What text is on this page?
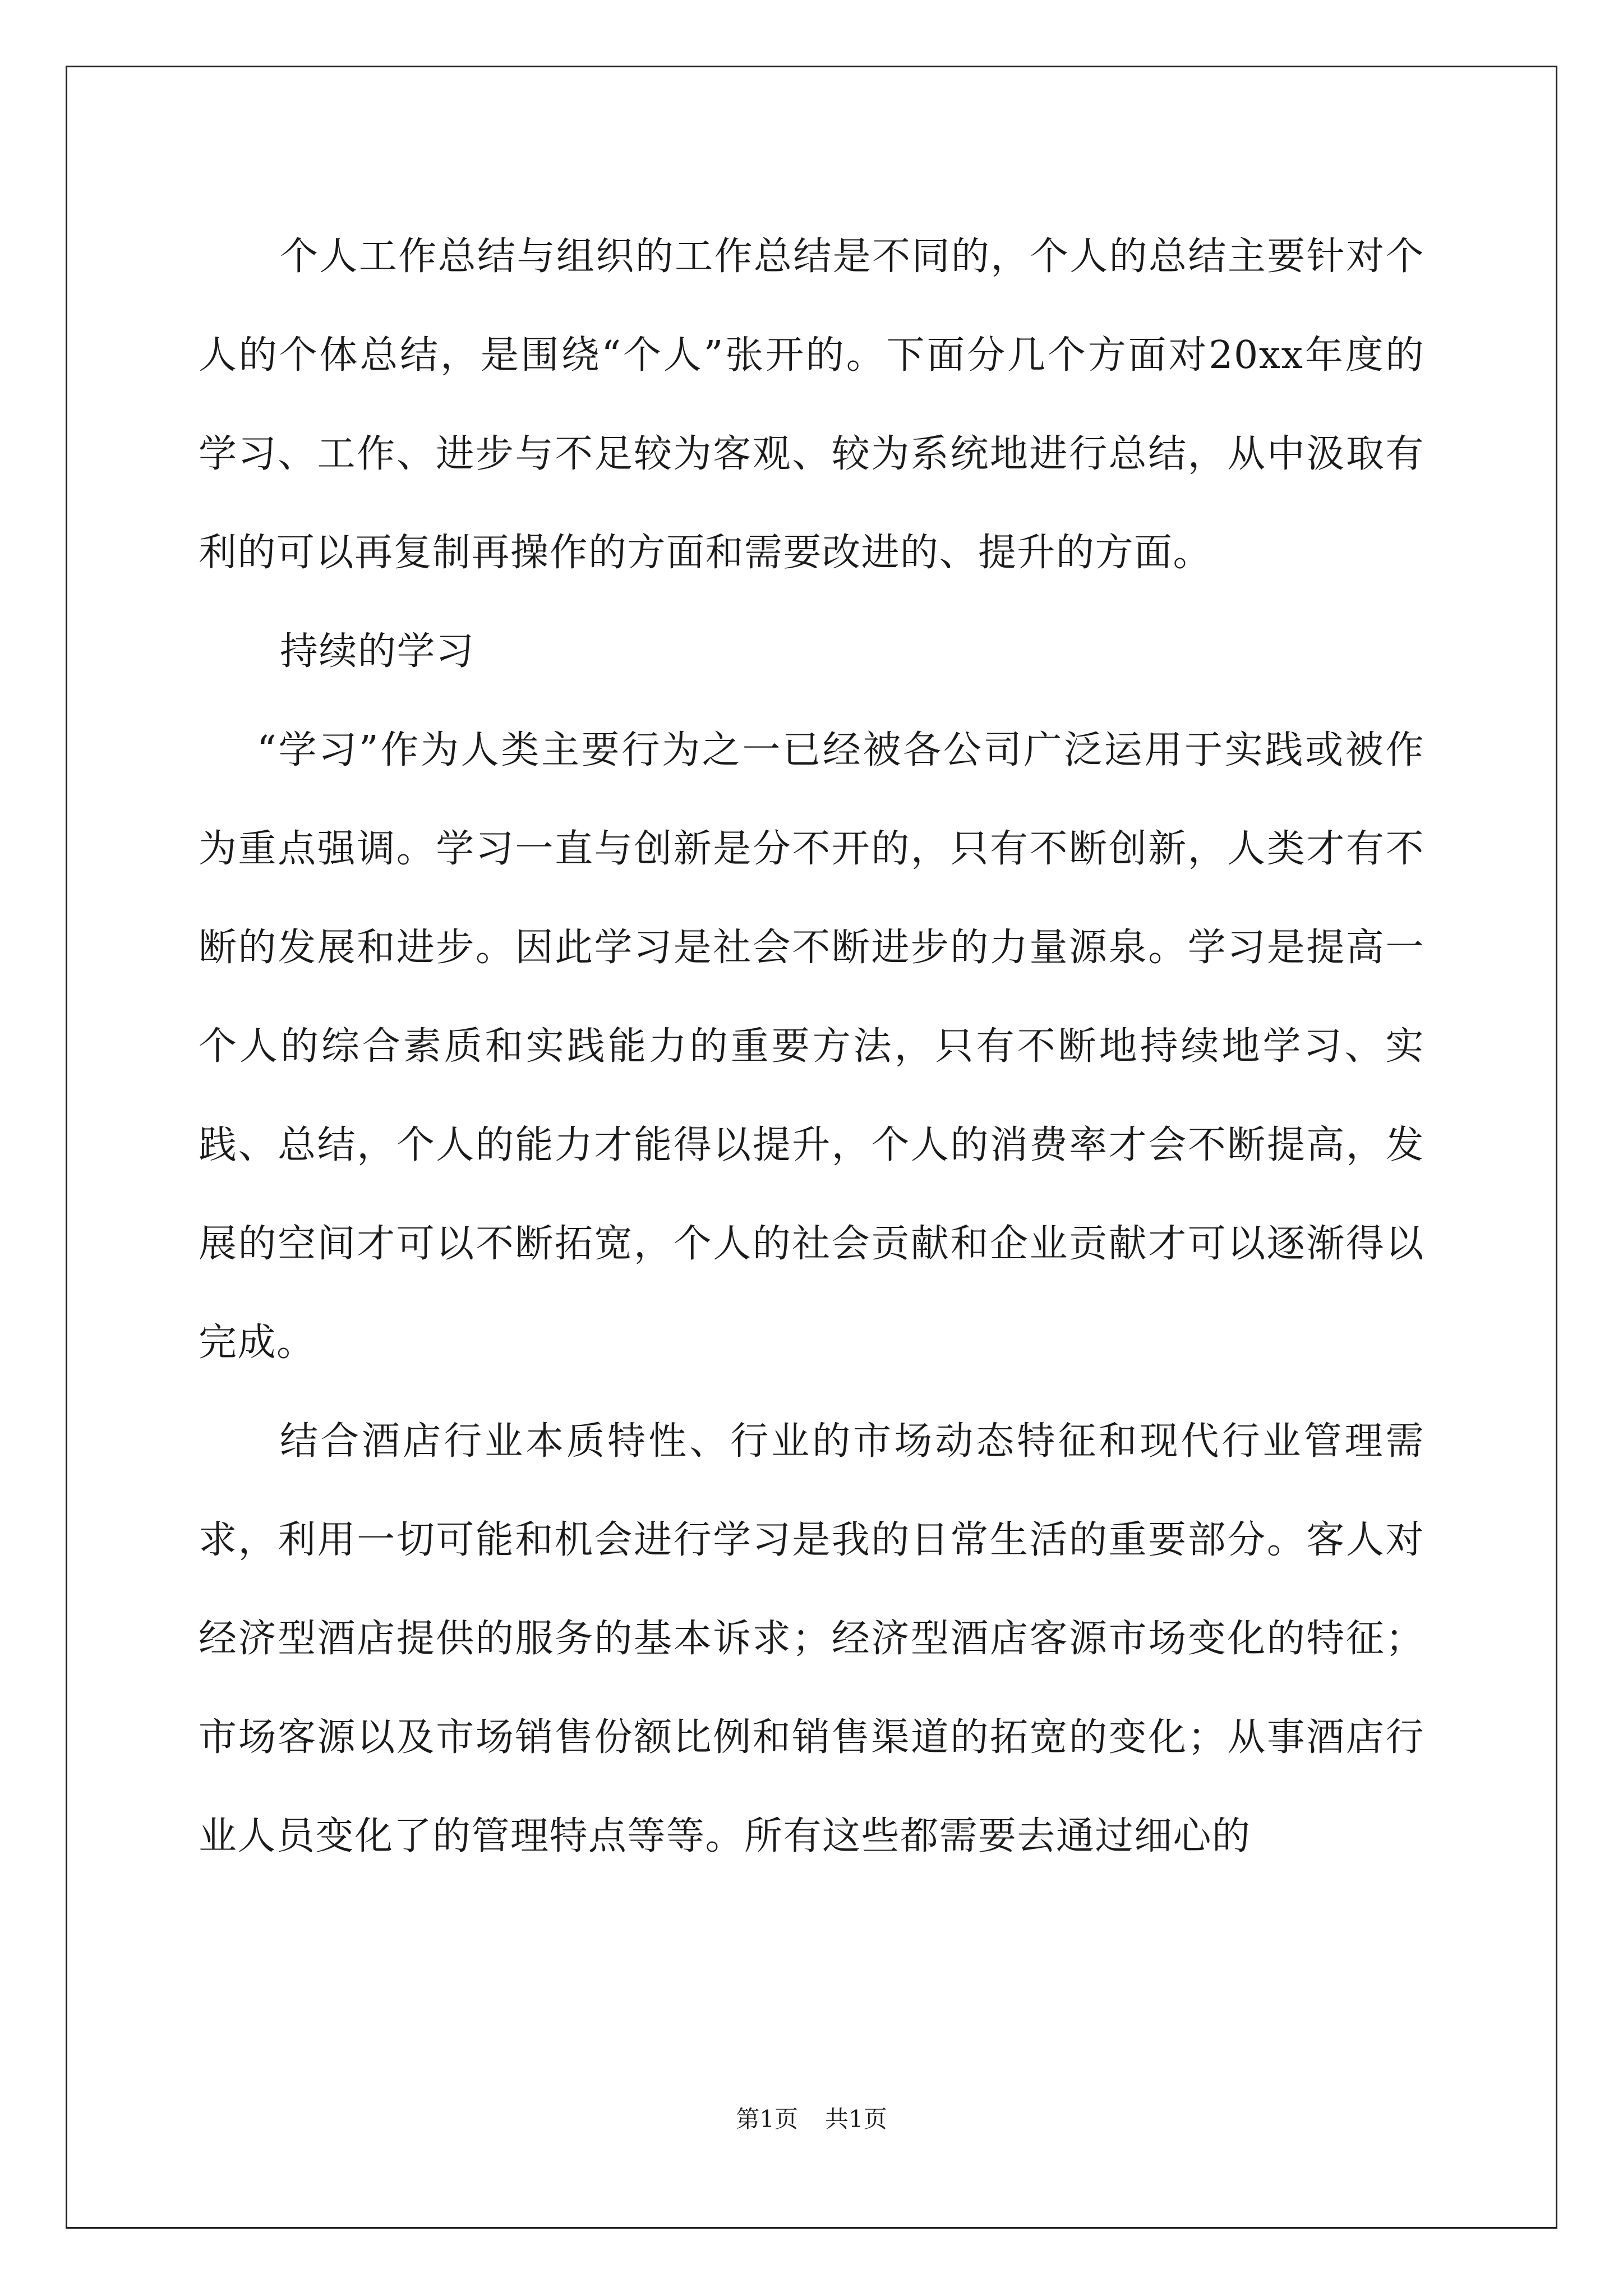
个人工作总结与组织的工作总结是不同的，个人的总结主要针对个人的个体总结，是围绕“个人”张开的。下面分几个方面对20xx年度的学习、工作、进步与不足较为客观、较为系统地进行总结，从中汲取有利的可以再复制再操作的方面和需要改进的、提升的方面。

持续的学习

“学习”作为人类主要行为之一已经被各公司广泛运用于实践或被作为重点强调。学习一直与创新是分不开的，只有不断创新，人类才有不断的发展和进步。因此学习是社会不断进步的力量源泉。学习是提高一个人的综合素质和实践能力的重要方法，只有不断地持续地学习、实践、总结，个人的能力才能得以提升，个人的消费率才会不断提高，发展的空间才可以不断拓宽，个人的社会贡献和企业贡献才可以逐渐得以完成。

结合酒店行业本质特性、行业的市场动态特征和现代行业管理需求，利用一切可能和机会进行学习是我的日常生活的重要部分。客人对经济型酒店提供的服务的基本诉求；经济型酒店客源市场变化的特征；市场客源以及市场销售份额比例和销售渠道的拓宽的变化；从事酒店行业人员变化了的管理特点等等。所有这些都需要去通过细心的

第1页 共1页
